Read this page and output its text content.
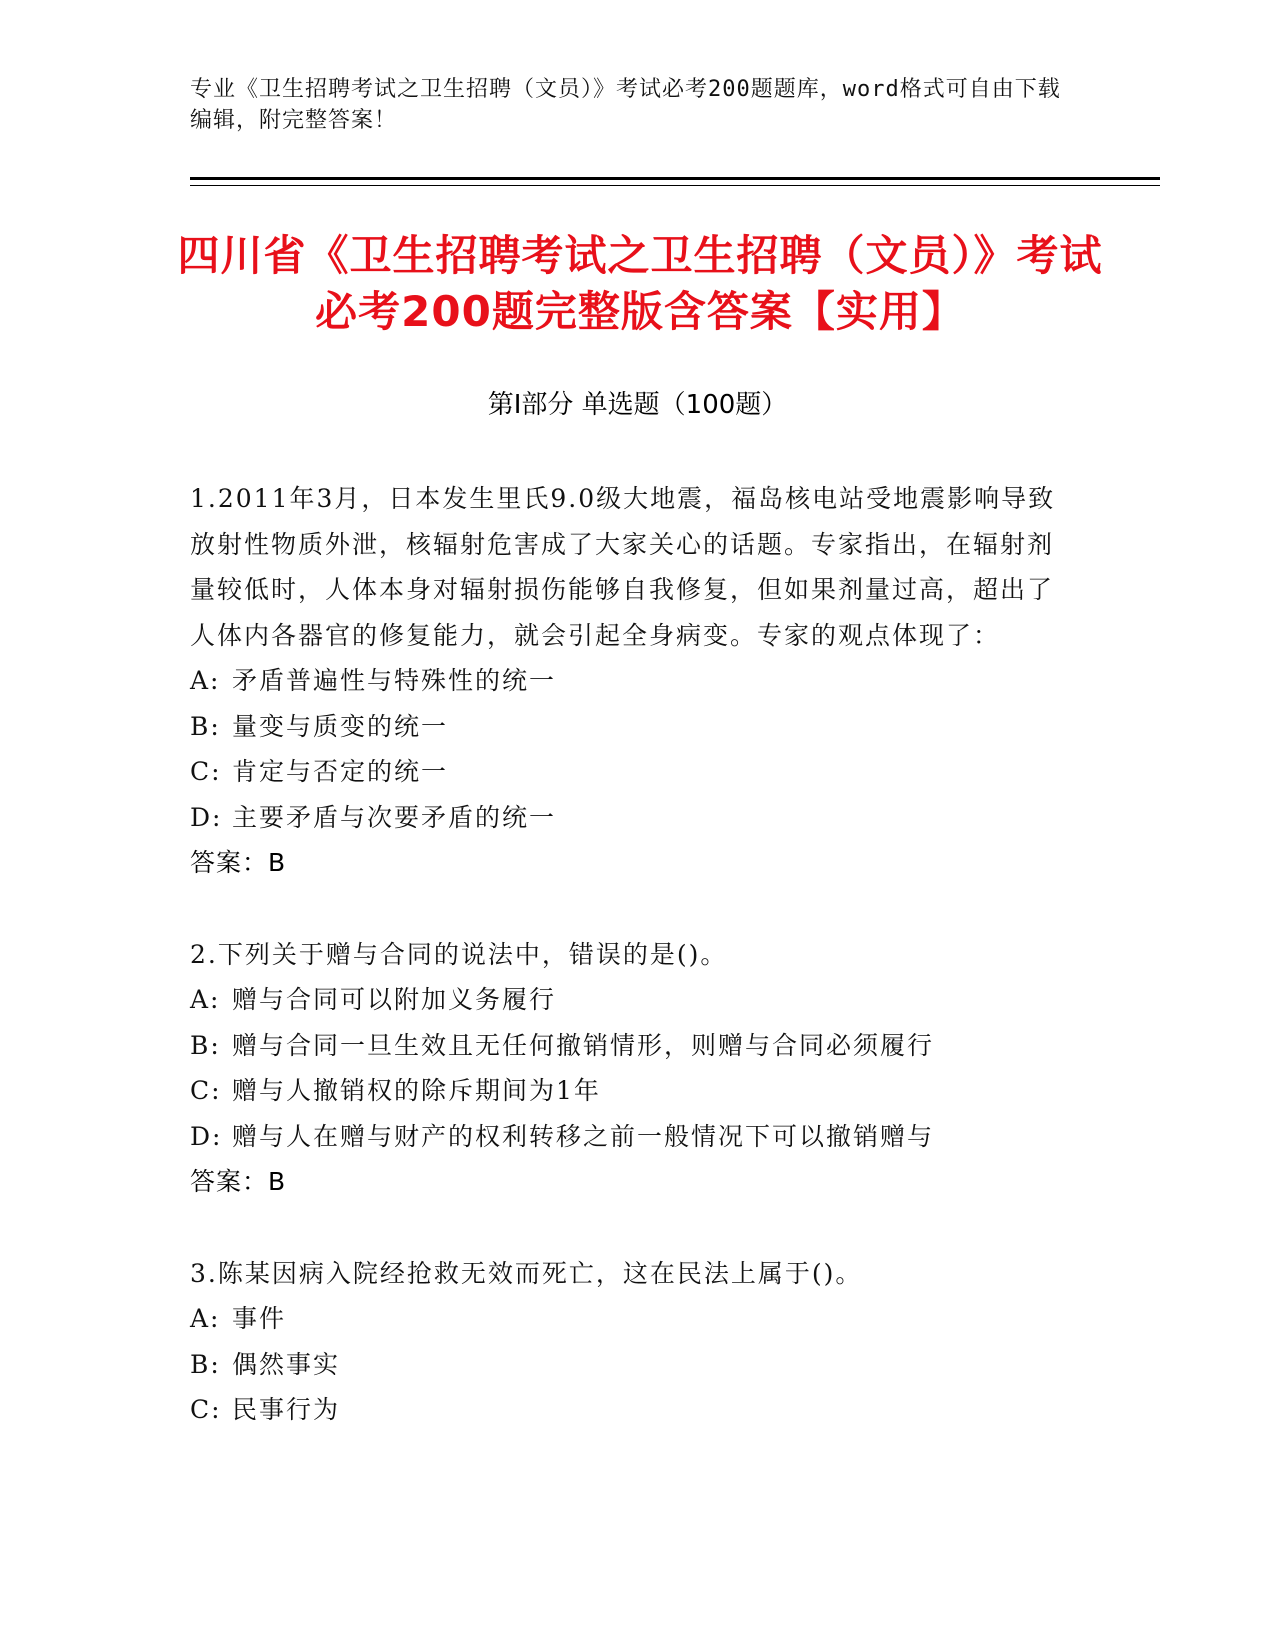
专业《卫生招聘考试之卫生招聘（文员）》考试必考200题题库，word格式可自由下载编辑，附完整答案！
四川省《卫生招聘考试之卫生招聘（文员）》考试必考200题完整版含答案【实用】
第Ⅰ部分 单选题（100题）

1.2011年3月，日本发生里氏9.0级大地震，福岛核电站受地震影响导致放射性物质外泄，核辐射危害成了大家关心的话题。专家指出，在辐射剂量较低时，人体本身对辐射损伤能够自我修复，但如果剂量过高，超出了人体内各器官的修复能力，就会引起全身病变。专家的观点体现了：

A: 矛盾普遍性与特殊性的统一

B: 量变与质变的统一

C: 肯定与否定的统一

D: 主要矛盾与次要矛盾的统一

答案：B

2.下列关于赠与合同的说法中，错误的是()。

A: 赠与合同可以附加义务履行

B: 赠与合同一旦生效且无任何撤销情形，则赠与合同必须履行

C: 赠与人撤销权的除斥期间为1年

D: 赠与人在赠与财产的权利转移之前一般情况下可以撤销赠与

答案：B

3.陈某因病入院经抢救无效而死亡，这在民法上属于()。

A: 事件

B: 偶然事实

C: 民事行为
